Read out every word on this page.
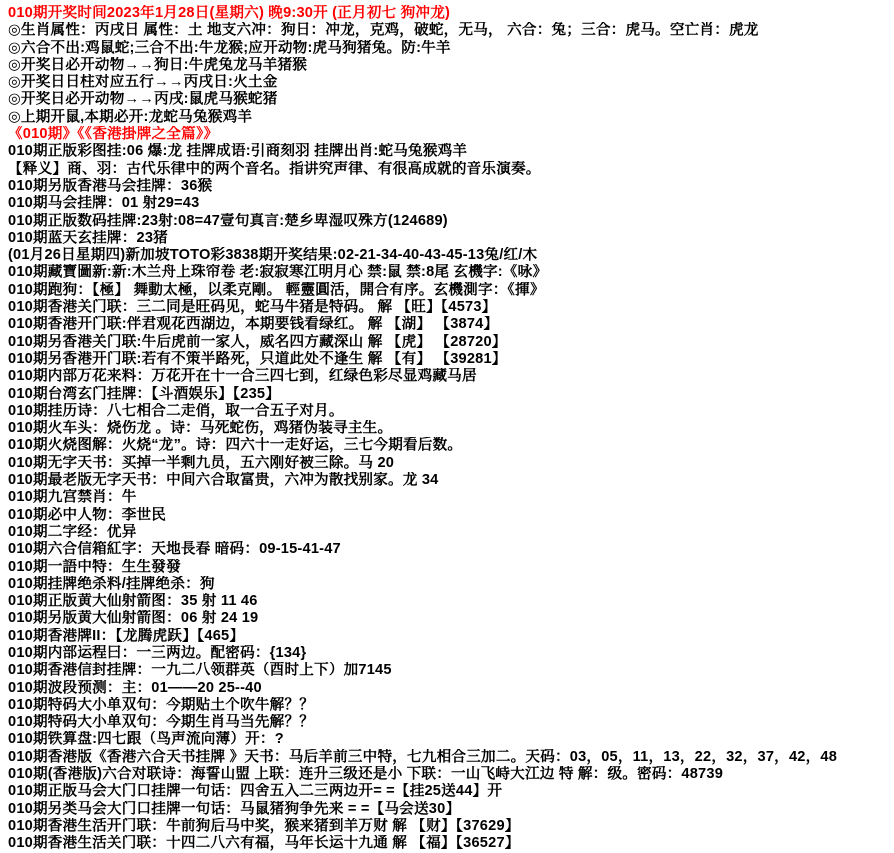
010期开奖时间2023年1月28日(星期六) 晚9:30开 (正月初七 狗冲龙)
◎生肖属性：丙戌日 属性：土 地支六冲：狗日：冲龙，克鸡，破蛇，无马， 六合：兔；三合：虎马。空亡肖：虎龙
◎六合不出:鸡鼠蛇;三合不出:牛龙猴;应开动物:虎马狗猪兔。防:牛羊
◎开奖日必开动物→→狗日:牛虎兔龙马羊猪猴
◎开奖日日柱对应五行→→丙戌日:火土金
◎开奖日必开动物→→丙戌:鼠虎马猴蛇猪
◎上期开鼠,本期必开:龙蛇马兔猴鸡羊
《010期》《《香港掛牌之全篇》》
010期正版彩图挂:06 爆:龙 挂牌成语:引商刻羽 挂牌出肖:蛇马兔猴鸡羊
【释义】商、羽：古代乐律中的两个音名。指讲究声律、有很高成就的音乐演奏。
010期另版香港马会挂牌：36猴
010期马会挂牌：01 射29=43
010期正版数码挂牌:23射:08=47壹句真言:楚乡卑湿叹殊方(124689)
010期蓝天玄挂牌：23猪
(01月26日星期四)新加坡TOTO彩3838期开奖结果:02-21-34-40-43-45-13兔/红/木
010期藏寶圖新:新:木兰舟上珠帘卷 老:寂寂寒江明月心 禁:鼠 禁:8尾 玄機字:《咏》
010期跑狗：【極】 舞動太極，以柔克剛。 輕靈圓活，開合有序。玄機測字：《揮》
010期香港关门联：三二同是旺码见，蛇马牛猪是特码。 解 【旺】【4573】
010期香港开门联:伴君观花西湖边，本期要钱看绿红。 解 【湖】 【3874】
010期另香港关门联:牛后虎前一家人，威名四方藏深山 解 【虎】 【28720】
010期另香港开门联:若有不策半路死，只道此处不逢生 解 【有】 【39281】
010期内部万花来料：万花开在十一合三四七到，红绿色彩尽显鸡藏马居
010期台湾玄门挂牌：【斗酒娱乐】【235】
010期挂历诗：八七相合二走俏，取一合五子对月。
010期火车头：烧伤龙 。诗：马死蛇伤，鸡猪伪装寻主生。
010期火烧图解：火烧“龙”。诗：四六十一走好运，三七今期看后数。
010期无字天书：买掉一半剩九员，五六刚好被三除。马 20
010期最老版无字天书：中间六合取富贵，六冲为散找别家。龙 34
010期九宫禁肖：牛
010期必中人物：李世民
010期二字经：优异
010期六合信箱紅字：天地長春 暗码：09-15-41-47
010期一語中特：生生發發
010期挂牌绝杀料/挂牌绝杀：狗
010期正版黄大仙射箭图：35 射 11 46
010期另版黄大仙射箭图：06 射 24 19
010期香港牌II：【龙腾虎跃】【465】
010期内部运程曰：一三两边。配密码：{134}
010期香港信封挂牌：一九二八领群英（酉时上下）加7145
010期波段预测：主：01——20 25--40
010期特码大小单双句：今期贴土个吹牛解？？
010期特码大小单双句：今期生肖马当先解？？
010期铁算盘:四七跟（鸟声流向薄）开：?
010期香港版《香港六合天书挂牌 》天书：马后羊前三中特，七九相合三加二。天码：03，05，11，13，22，32，37，42，48
010期(香港版)六合对联诗：海誓山盟 上联：连升三级还是小 下联：一山飞峙大江边 特 解：级。密码：48739
010期正版马会大门口挂牌一句话：四舍五入二三两边开= =【挂25送44】开
010期另类马会大门口挂牌一句话：马鼠猪狗争先来 = =【马会送30】
010期香港生活开门联：牛前狗后马中奖，猴来猪到羊万财 解 【财】【37629】
010期香港生活关门联：十四二八六有福，马年长运十九通 解 【福】【36527】
